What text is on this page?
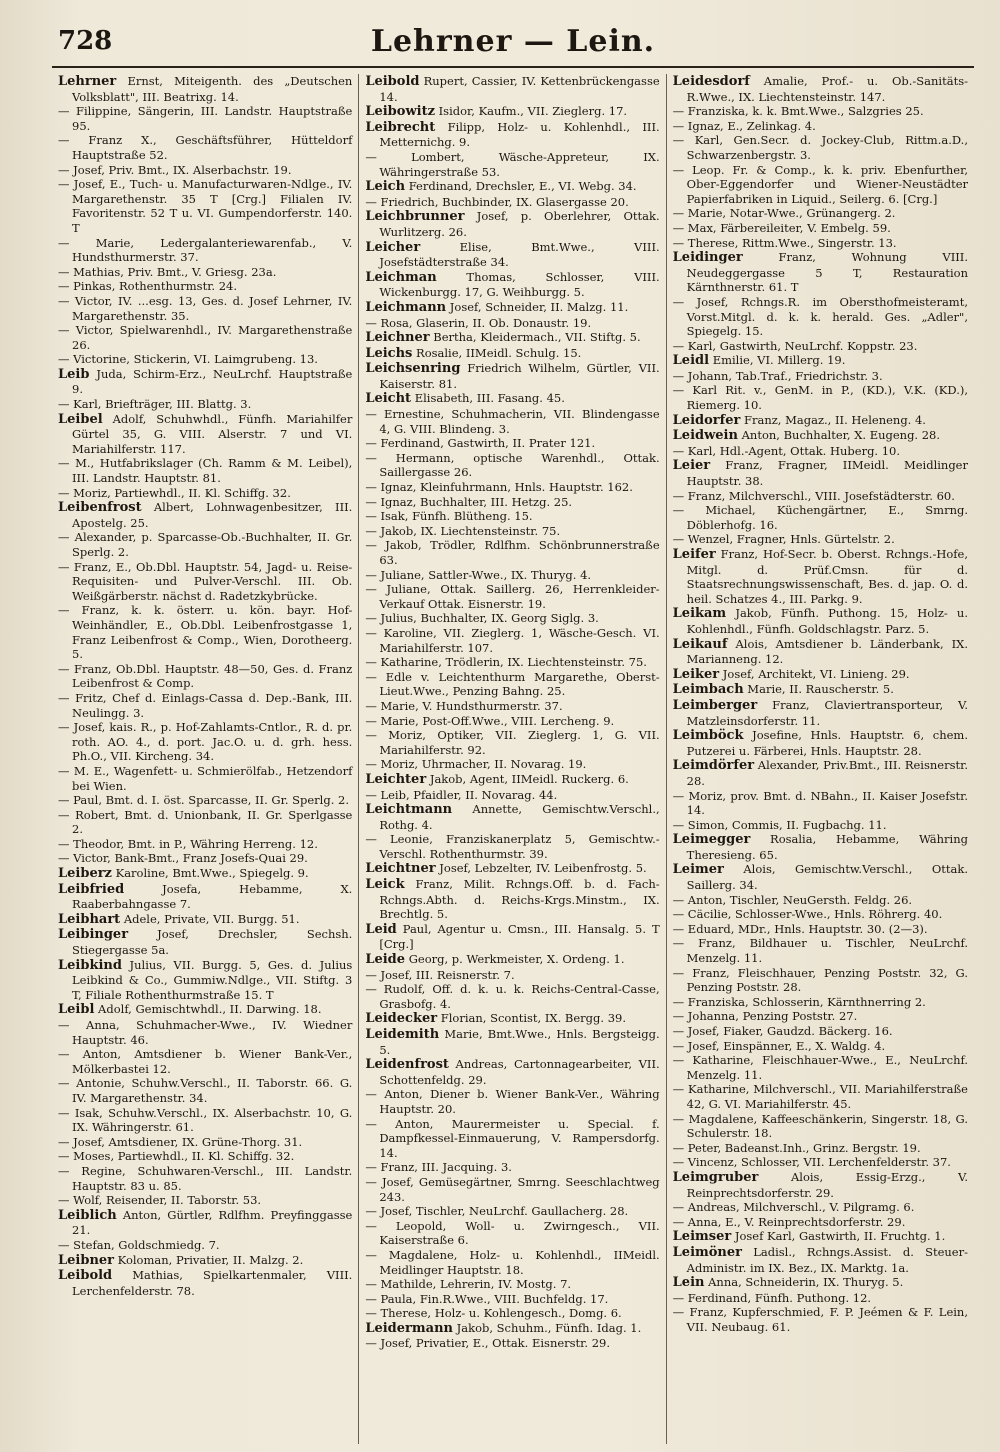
728	Lehrner — Lein.

Lehrner Ernst, Miteigenth. des „Deutschen Volksblatt", III. Beatrixg. 14.

— Filippine, Sängerin, III. Landstr. Hauptstraße 95.

— Franz X., Geschäftsführer, Hütteldorf Hauptstraße 52.

— Josef, Priv. Bmt., IX. Alserbachstr. 19.

— Josef, E., Tuch- u. Manufacturwaren-Ndlge., IV. Margarethenstr. 35 T [Crg.] Filialen IV. Favoritenstr. 52 T u. VI. Gumpendorferstr. 140. T

— Marie, Ledergalanteriewarenfab., V. Hundsthurmerstr. 37.

— Mathias, Priv. Bmt., V. Griesg. 23a.

— Pinkas, Rothenthurmstr. 24.

— Victor, IV. ...esg. 13, Ges. d. Josef Lehrner, IV. Margarethenstr. 35.

— Victor, Spielwarenhdl., IV. Margarethenstraße 26.

— Victorine, Stickerin, VI. Laimgrubeng. 13.

Leib Juda, Schirm-Erz., NeuLrchf. Hauptstraße 9.

— Karl, Briefträger, III. Blattg. 3.

Leibel Adolf, Schuhwhdl., Fünfh. Mariahilfer Gürtel 35, G. VIII. Alserstr. 7 und VI. Mariahilferstr. 117.

— M., Hutfabrikslager (Ch. Ramm & M. Leibel), III. Landstr. Hauptstr. 81.

— Moriz, Partiewhdl., II. Kl. Schiffg. 32.

Leibenfrost Albert, Lohnwagenbesitzer, III. Apostelg. 25.

— Alexander, p. Sparcasse-Ob.-Buchhalter, II. Gr. Sperlg. 2.

— Franz, E., Ob.Dbl. Hauptstr. 54, Jagd- u. Reise-Requisiten- und Pulver-Verschl. III. Ob. Weißgärberstr. nächst d. Radetzkybrücke.

— Franz, k. k. österr. u. kön. bayr. Hof-Weinhändler, E., Ob.Dbl. Leibenfrostgasse 1, Franz Leibenfrost & Comp., Wien, Dorotheerg. 5.

— Franz, Ob.Dbl. Hauptstr. 48—50, Ges. d. Franz Leibenfrost & Comp.

— Fritz, Chef d. Einlags-Cassa d. Dep.-Bank, III. Neulingg. 3.

— Josef, kais. R., p. Hof-Zahlamts-Cntlor., R. d. pr. roth. AO. 4., d. port. Jac.O. u. d. grh. hess. Ph.O., VII. Kircheng. 34.

— M. E., Wagenfett- u. Schmierölfab., Hetzendorf bei Wien.

— Paul, Bmt. d. I. öst. Sparcasse, II. Gr. Sperlg. 2.

— Robert, Bmt. d. Unionbank, II. Gr. Sperlgasse 2.

— Theodor, Bmt. in P., Währing Herreng. 12.

— Victor, Bank-Bmt., Franz Josefs-Quai 29.

Leiberz Karoline, Bmt.Wwe., Spiegelg. 9.

Leibfried Josefa, Hebamme, X. Raaberbahngasse 7.

Leibhart Adele, Private, VII. Burgg. 51.

Leibinger Josef, Drechsler, Sechsh. Stiegergasse 5a.

Leibkind Julius, VII. Burgg. 5, Ges. d. Julius Leibkind & Co., Gummiw.Ndlge., VII. Stiftg. 3 T, Filiale Rothenthurmstraße 15. T

Leibl Adolf, Gemischtwhdl., II. Darwing. 18.

— Anna, Schuhmacher-Wwe., IV. Wiedner Hauptstr. 46.

— Anton, Amtsdiener b. Wiener Bank-Ver., Mölkerbastei 12.

— Antonie, Schuhw.Verschl., II. Taborstr. 66. G. IV. Margarethenstr. 34.

— Isak, Schuhw.Verschl., IX. Alserbachstr. 10, G. IX. Währingerstr. 61.

— Josef, Amtsdiener, IX. Grüne-Thorg. 31.

— Moses, Partiewhdl., II. Kl. Schiffg. 32.

— Regine, Schuhwaren-Verschl., III. Landstr. Hauptstr. 83 u. 85.

— Wolf, Reisender, II. Taborstr. 53.

Leiblich Anton, Gürtler, Rdlfhm. Preyfinggasse 21.

— Stefan, Goldschmiedg. 7.

Leibner Koloman, Privatier, II. Malzg. 2.

Leibold Mathias, Spielkartenmaler, VIII. Lerchenfelderstr. 78.

Leibold Rupert, Cassier, IV. Kettenbrückengasse 14.

Leibowitz Isidor, Kaufm., VII. Zieglerg. 17.

Leibrecht Filipp, Holz- u. Kohlenhdl., III. Metternichg. 9.

— Lombert, Wäsche-Appreteur, IX. Währingerstraße 53.

Leich Ferdinand, Drechsler, E., VI. Webg. 34.

— Friedrich, Buchbinder, IX. Glasergasse 20.

Leichbrunner Josef, p. Oberlehrer, Ottak. Wurlitzerg. 26.

Leicher Elise, Bmt.Wwe., VIII. Josefstädterstraße 34.

Leichman Thomas, Schlosser, VIII. Wickenburgg. 17, G. Weihburgg. 5.

Leichmann Josef, Schneider, II. Malzg. 11.

— Rosa, Glaserin, II. Ob. Donaustr. 19.

Leichner Bertha, Kleidermach., VII. Stiftg. 5.

Leichs Rosalie, IIMeidl. Schulg. 15.

Leichsenring Friedrich Wilhelm, Gürtler, VII. Kaiserstr. 81.

Leicht Elisabeth, III. Fasang. 45.

— Ernestine, Schuhmacherin, VII. Blindengasse 4, G. VIII. Blindeng. 3.

— Ferdinand, Gastwirth, II. Prater 121.

— Hermann, optische Warenhdl., Ottak. Saillergasse 26.

— Ignaz, Kleinfuhrmann, Hnls. Hauptstr. 162.

— Ignaz, Buchhalter, III. Hetzg. 25.

— Isak, Fünfh. Blütheng. 15.

— Jakob, IX. Liechtensteinstr. 75.

— Jakob, Trödler, Rdlfhm. Schönbrunnerstraße 63.

— Juliane, Sattler-Wwe., IX. Thuryg. 4.

— Juliane, Ottak. Saillerg. 26, Herrenkleider-Verkauf Ottak. Eisnerstr. 19.

— Julius, Buchhalter, IX. Georg Siglg. 3.

— Karoline, VII. Zieglerg. 1, Wäsche-Gesch. VI. Mariahilferstr. 107.

— Katharine, Trödlerin, IX. Liechtensteinstr. 75.

— Edle v. Leichtenthurm Margarethe, Oberst-Lieut.Wwe., Penzing Bahng. 25.

— Marie, V. Hundsthurmerstr. 37.

— Marie, Post-Off.Wwe., VIII. Lercheng. 9.

— Moriz, Optiker, VII. Zieglerg. 1, G. VII. Mariahilferstr. 92.

— Moriz, Uhrmacher, II. Novarag. 19.

Leichter Jakob, Agent, IIMeidl. Ruckerg. 6.

— Leib, Pfaidler, II. Novarag. 44.

Leichtmann Annette, Gemischtw.Verschl., Rothg. 4.

— Leonie, Franziskanerplatz 5, Gemischtw.-Verschl. Rothenthurmstr. 39.

Leichtner Josef, Lebzelter, IV. Leibenfrostg. 5.

Leick Franz, Milit. Rchngs.Off. b. d. Fach-Rchngs.Abth. d. Reichs-Krgs.Minstm., IX. Brechtlg. 5.

Leid Paul, Agentur u. Cmsn., III. Hansalg. 5. T [Crg.]

Leide Georg, p. Werkmeister, X. Ordeng. 1.

— Josef, III. Reisnerstr. 7.

— Rudolf, Off. d. k. u. k. Reichs-Central-Casse, Grasbofg. 4.

Leidecker Florian, Scontist, IX. Bergg. 39.

Leidemith Marie, Bmt.Wwe., Hnls. Bergsteigg. 5.

Leidenfrost Andreas, Cartonnagearbeiter, VII. Schottenfeldg. 29.

— Anton, Diener b. Wiener Bank-Ver., Währing Hauptstr. 20.

— Anton, Maurermeister u. Special. f. Dampfkessel-Einmauerung, V. Rampersdorfg. 14.

— Franz, III. Jacquing. 3.

— Josef, Gemüsegärtner, Smrng. Seeschlachtweg 243.

— Josef, Tischler, NeuLrchf. Gaullacherg. 28.

— Leopold, Woll- u. Zwirngesch., VII. Kaiserstraße 6.

— Magdalene, Holz- u. Kohlenhdl., IIMeidl. Meidlinger Hauptstr. 18.

— Mathilde, Lehrerin, IV. Mostg. 7.

— Paula, Fin.R.Wwe., VIII. Buchfeldg. 17.

— Therese, Holz- u. Kohlengesch., Domg. 6.

Leidermann Jakob, Schuhm., Fünfh. Idag. 1.

— Josef, Privatier, E., Ottak. Eisnerstr. 29.

Leidesdorf Amalie, Prof.- u. Ob.-Sanitäts-R.Wwe., IX. Liechtensteinstr. 147.

— Franziska, k. k. Bmt.Wwe., Salzgries 25.

— Ignaz, E., Zelinkag. 4.

— Karl, Gen.Secr. d. Jockey-Club, Rittm.a.D., Schwarzenbergstr. 3.

— Leop. Fr. & Comp., k. k. priv. Ebenfurther, Ober-Eggendorfer und Wiener-Neustädter Papierfabriken in Liquid., Seilerg. 6. [Crg.]

— Marie, Notar-Wwe., Grünangerg. 2.

— Max, Färbereileiter, V. Embelg. 59.

— Therese, Rittm.Wwe., Singerstr. 13.

Leidinger Franz, Wohnung VIII. Neudeggergasse 5 T, Restauration Kärnthnerstr. 61. T

— Josef, Rchngs.R. im Obersthofmeisteramt, Vorst.Mitgl. d. k. k. herald. Ges. „Adler", Spiegelg. 15.

— Karl, Gastwirth, NeuLrchf. Koppstr. 23.

Leidl Emilie, VI. Millerg. 19.

— Johann, Tab.Traf., Friedrichstr. 3.

— Karl Rit. v., GenM. in P., (KD.), V.K. (KD.), Riemerg. 10.

Leidorfer Franz, Magaz., II. Heleneng. 4.

Leidwein Anton, Buchhalter, X. Eugeng. 28.

— Karl, Hdl.-Agent, Ottak. Huberg. 10.

Leier Franz, Fragner, IIMeidl. Meidlinger Hauptstr. 38.

— Franz, Milchverschl., VIII. Josefstädterstr. 60.

— Michael, Küchengärtner, E., Smrng. Döblerhofg. 16.

— Wenzel, Fragner, Hnls. Gürtelstr. 2.

Leifer Franz, Hof-Secr. b. Oberst. Rchngs.-Hofe, Mitgl. d. Prüf.Cmsn. für d. Staatsrechnungswissenschaft, Bes. d. jap. O. d. heil. Schatzes 4., III. Parkg. 9.

Leikam Jakob, Fünfh. Puthong. 15, Holz- u. Kohlenhdl., Fünfh. Goldschlagstr. Parz. 5.

Leikauf Alois, Amtsdiener b. Länderbank, IX. Marianneng. 12.

Leiker Josef, Architekt, VI. Linieng. 29.

Leimbach Marie, II. Rauscherstr. 5.

Leimberger Franz, Claviertransporteur, V. Matzleinsdorferstr. 11.

Leimböck Josefine, Hnls. Hauptstr. 6, chem. Putzerei u. Färberei, Hnls. Hauptstr. 28.

Leimdörfer Alexander, Priv.Bmt., III. Reisnerstr. 28.

— Moriz, prov. Bmt. d. NBahn., II. Kaiser Josefstr. 14.

— Simon, Commis, II. Fugbachg. 11.

Leimegger Rosalia, Hebamme, Währing Theresieng. 65.

Leimer Alois, Gemischtw.Verschl., Ottak. Saillerg. 34.

— Anton, Tischler, NeuGersth. Feldg. 26.

— Cäcilie, Schlosser-Wwe., Hnls. Röhrerg. 40.

— Eduard, MDr., Hnls. Hauptstr. 30. (2—3).

— Franz, Bildhauer u. Tischler, NeuLrchf. Menzelg. 11.

— Franz, Fleischhauer, Penzing Poststr. 32, G. Penzing Poststr. 28.

— Franziska, Schlosserin, Kärnthnerring 2.

— Johanna, Penzing Poststr. 27.

— Josef, Fiaker, Gaudzd. Bäckerg. 16.

— Josef, Einspänner, E., X. Waldg. 4.

— Katharine, Fleischhauer-Wwe., E., NeuLrchf. Menzelg. 11.

— Katharine, Milchverschl., VII. Mariahilferstraße 42, G. VI. Mariahilferstr. 45.

— Magdalene, Kaffeeschänkerin, Singerstr. 18, G. Schulerstr. 18.

— Peter, Badeanst.Inh., Grinz. Bergstr. 19.

— Vincenz, Schlosser, VII. Lerchenfelderstr. 37.

Leimgruber Alois, Essig-Erzg., V. Reinprechtsdorferstr. 29.

— Andreas, Milchverschl., V. Pilgramg. 6.

— Anna, E., V. Reinprechtsdorferstr. 29.

Leimser Josef Karl, Gastwirth, II. Fruchtg. 1.

Leimöner Ladisl., Rchngs.Assist. d. Steuer-Administr. im IX. Bez., IX. Marktg. 1a.

Lein Anna, Schneiderin, IX. Thuryg. 5.

— Ferdinand, Fünfh. Puthong. 12.

— Franz, Kupferschmied, F. P. Jeémen & F. Lein, VII. Neubaug. 61.
